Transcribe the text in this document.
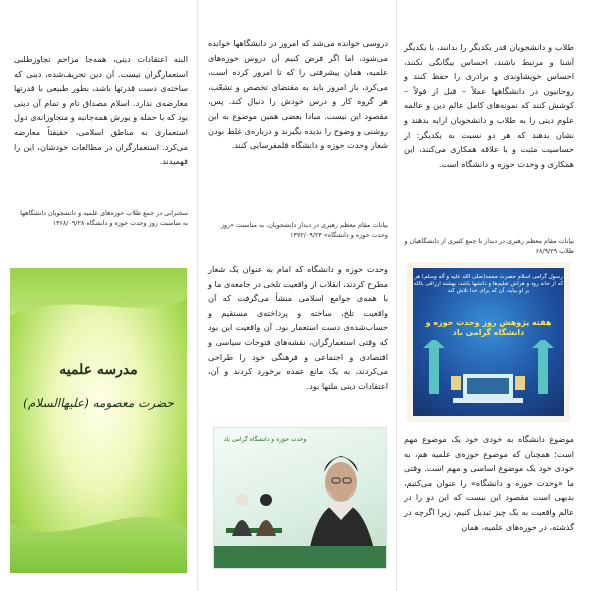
البته اعتقادات دینی، همه‌جا مزاحم تجاوزطلبی استعمارگران نیست. آن دین تحریف‌شده، دینی که ساخته‌ی دست قدرتها باشد، بطور طبیعی با قدرتها معارضه‌ی ندارد. اسلام مصداق تام و تمام آن دینی بود که با حمله و یورش همه‌جانبه و متجاوزانه‌ی دول استعماری به مناطق اسلامی، حقیقتاً معارضه می‌کرد. استعمارگران در مطالعات خودشان، این را فهمیدند.
سخنرانی در جمع طلاب حوزه‌های علمیه و دانشجویان دانشگاهها به مناسبت روز وحدت حوزه و دانشگاه ۱۳۶۸/۰۹/۲۸
مدرسه علمیه
حضرت معصومه (علیهاالسلام)
دروسی خوانده می‌شد که امروز در دانشگاهها خوانده می‌شود، اما اگر فرض کنیم آن دروس حوزه‌های علمیه، همان پیشرفتی را که تا امروز کرده است، می‌کرد، باز امروز باید به مقتضای تخصص و تشعّب، هر گروه کار و درس خودش را دنبال کند. پس، مقصود این نیست. مبادا بعضی همین موضوع به این روشنی و وضوح را ندیده بگیرند و درباره‌ی غلط بودن شعار وحدت حوزه و دانشگاه قلمفرسایی کنند.
بیانات مقام معظم رهبری در دیدار دانشجویان، به مناسبت «روز وحدت حوزه و دانشگاه» ۱۳۷۲/۰۹/۲۴
وحدت حوزه و دانشگاه که امام به عنوان یک شعار مطرح کردند، انقلاب از واقعیت تلخی در جامعه‌ی ما و با همه‌ی جوامع اسلامی منشأ می‌گرفت که آن واقعیت تلخ، ساخته و پرداخته‌ی مستقیم و حساب‌شده‌ی دست استعمار بود. آن واقعیت این بود که وقتی استعمارگران، نقشه‌های فتوحات سیاسی و اقتصادی و اجتماعی و فرهنگی خود را طراحی می‌کردند، به یک مانع عمده برخورد کردند و آن، اعتقادات دینی ملتها بود.
وحدت حوزه و دانشگاه گرامی باد
طلاب و دانشجویان قدر یکدیگر را بدانند، با یکدیگر آشنا و مرتبط باشند، احساس بیگانگی نکنند، احساس خویشاوندی و برادری را حفظ کنند و روحانیون در دانشگاهها عملاً – قبل از قولاً – کوشش کنند که نمونه‌های کامل عالم دین و عالمه علوم دینی را به طلاب و دانشجویان ارایه بدهند و نشان بدهند که هر دو نسبت به یکدیگر: از حساسیت مثبت و با علاقه همکاری می‌کنند، این همکاری و وحدت حوزه و دانشگاه است.
بیانات مقام معظم رهبری در دیدار با جمع کثیری از دانشگاهیان و طلاب ۶۸/۹/۲۹
رسول گرامی اسلام حضرت محمد(صلی الله علیه و آله وسلم) هر که از خانه رود و هراش تعلیم‌ها و دانشها باشد، بهشته ارزاقی بالله بر او بیاید، آن که برای خدا تلاش کند
هفته پژوهش روز وحدت حوزه و دانشگاه گرامی باد
موضوع دانشگاه به خودی خود یک موضوع مهم است؛ همچنان که موضوع حوزه‌ی علمیه هم، به خودی خود یک موضوع اساسی و مهم است. وقتی ما «وحدت حوزه و دانشگاه» را عنوان می‌کنیم، بدیهی است مقصود این نیست که این دو را در عالم واقعیت به یک چیز تبدیل کنیم، زیرا اگرچه در گذشته، در حوزه‌های علمیه، همان
